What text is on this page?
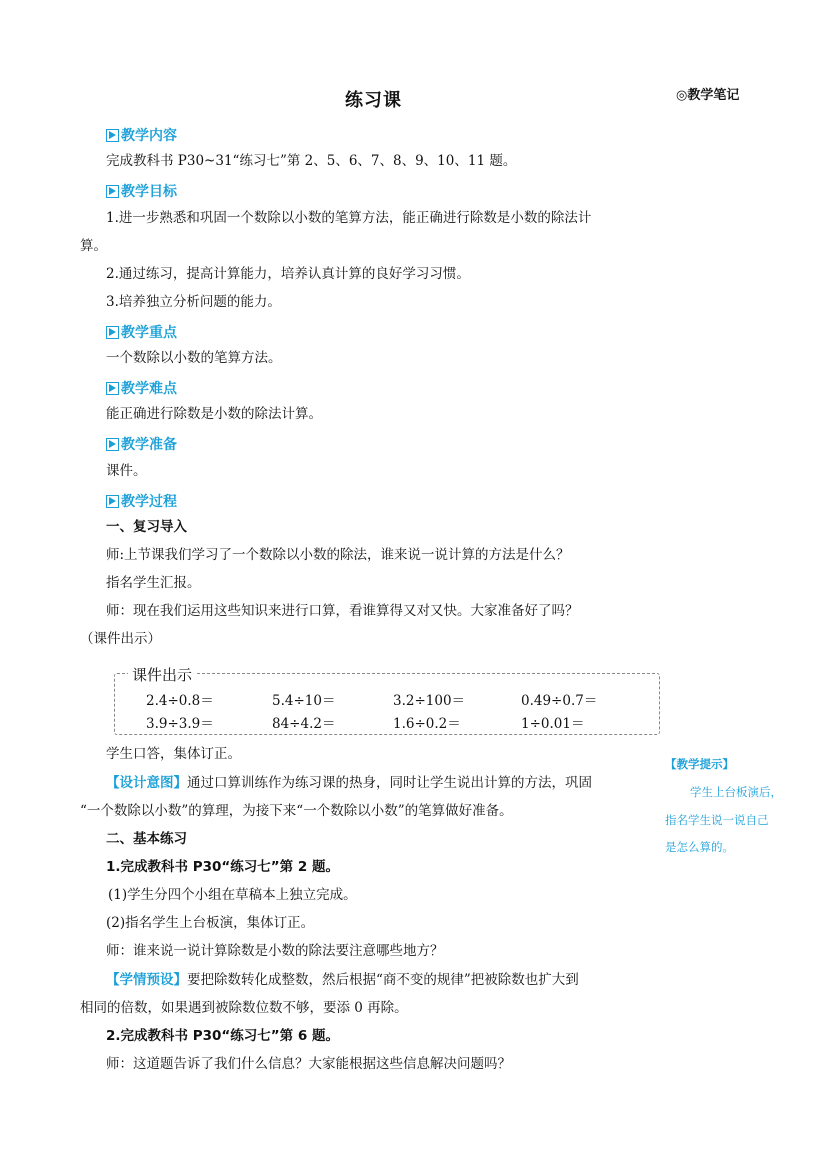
练习课	◎教学笔记
教学内容
完成教科书 P30~31“练习七”第 2、5、6、7、8、9、10、11 题。
教学目标
1.进一步熟悉和巩固一个数除以小数的笔算方法，能正确进行除数是小数的除法计
算。
2.通过练习，提高计算能力，培养认真计算的良好学习习惯。
3.培养独立分析问题的能力。
教学重点
一个数除以小数的笔算方法。
教学难点
能正确进行除数是小数的除法计算。
教学准备
课件。
教学过程
一、复习导入
师:上节课我们学习了一个数除以小数的除法，谁来说一说计算的方法是什么？
指名学生汇报。
师：现在我们运用这些知识来进行口算，看谁算得又对又快。大家准备好了吗？
（课件出示）
课件出示
2.4÷0.8＝	5.4÷10＝	3.2÷100＝	0.49÷0.7＝
3.9÷3.9＝	84÷4.2＝	1.6÷0.2＝	1÷0.01＝
学生口答，集体订正。
【设计意图】通过口算训练作为练习课的热身，同时让学生说出计算的方法，巩固
“一个数除以小数”的算理，为接下来“一个数除以小数”的笔算做好准备。
二、基本练习
1.完成教科书 P30“练习七”第 2 题。
(1)学生分四个小组在草稿本上独立完成。
(2)指名学生上台板演，集体订正。
师：谁来说一说计算除数是小数的除法要注意哪些地方？
【学情预设】要把除数转化成整数，然后根据“商不变的规律”把被除数也扩大到
相同的倍数，如果遇到被除数位数不够，要添 0 再除。
2.完成教科书 P30“练习七”第 6 题。
师：这道题告诉了我们什么信息？大家能根据这些信息解决问题吗？
【教学提示】
学生上台板演后，
指名学生说一说自己
是怎么算的。
